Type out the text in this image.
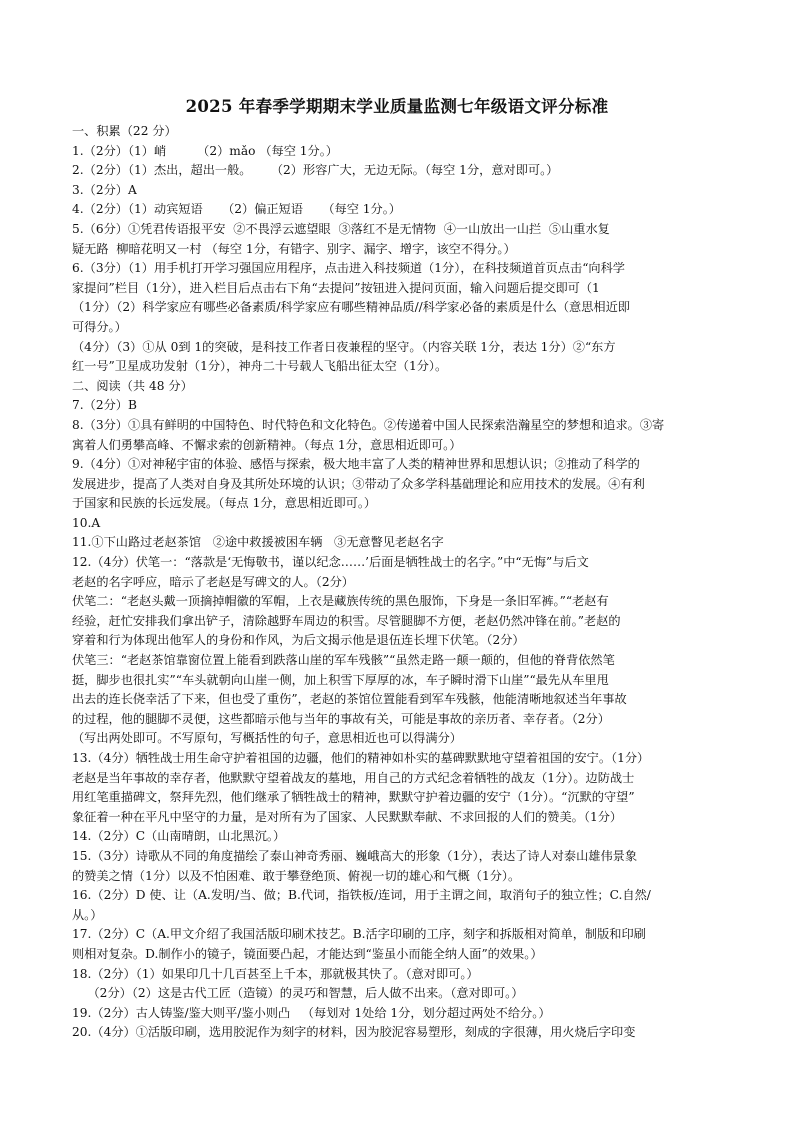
2025 年春季学期期末学业质量监测七年级语文评分标准
一、积累（22 分）
1.（2分）（1）峭        （2）mǎo （每空 1分。）
2.（2分）（1）杰出，超出一般。     （2）形容广大，无边无际。（每空 1分，意对即可。）
3.（2分）A
4.（2分）（1）动宾短语     （2）偏正短语     （每空 1分。）
5.（6分）①凭君传语报平安  ②不畏浮云遮望眼  ③落红不是无情物  ④一山放出一山拦  ⑤山重水复
疑无路  柳暗花明又一村 （每空 1分，有错字、别字、漏字、增字，该空不得分。）
6.（3分）（1）用手机打开学习强国应用程序，点击进入科技频道（1分），在科技频道首页点击“向科学
家提问”栏目（1分），进入栏目后点击右下角“去提问”按钮进入提问页面，输入问题后提交即可（1
（1分）（2）科学家应有哪些必备素质/科学家应有哪些精神品质//科学家必备的素质是什么（意思相近即
可得分。）
（4分）（3）①从 0到 1的突破，是科技工作者日夜兼程的坚守。（内容关联 1分，表达 1分）②“东方
红一号”卫星成功发射（1分），神舟二十号载人飞船出征太空（1分）。
二、阅读（共 48 分）
7.（2分）B
8.（3分）①具有鲜明的中国特色、时代特色和文化特色。②传递着中国人民探索浩瀚星空的梦想和追求。③寄
寓着人们勇攀高峰、不懈求索的创新精神。（每点 1分，意思相近即可。）
9.（4分）①对神秘宇宙的体验、感悟与探索，极大地丰富了人类的精神世界和思想认识；②推动了科学的
发展进步，提高了人类对自身及其所处环境的认识；③带动了众多学科基础理论和应用技术的发展。④有利
于国家和民族的长远发展。（每点 1分，意思相近即可。）
10.A
11.①下山路过老赵茶馆   ②途中救援被困车辆   ③无意瞥见老赵名字
12.（4分）伏笔一：“落款是‘无悔敬书，谨以纪念……’后面是牺牲战士的名字。”中“无悔”与后文
老赵的名字呼应，暗示了老赵是写碑文的人。（2分）
伏笔二：“老赵头戴一顶摘掉帽徽的军帽，上衣是藏族传统的黑色服饰，下身是一条旧军裤。”“老赵有
经验，赶忙安排我们拿出铲子，清除越野车周边的积雪。尽管腿脚不方便，老赵仍然冲锋在前。”老赵的
穿着和行为体现出他军人的身份和作风，为后文揭示他是退伍连长埋下伏笔。（2分）
伏笔三：“老赵茶馆靠窗位置上能看到跌落山崖的军车残骸”“虽然走路一颠一颠的，但他的脊背依然笔
挺，脚步也很扎实”“车头就朝向山崖一侧，加上积雪下厚厚的冰，车子瞬时滑下山崖”“最先从车里甩
出去的连长侥幸活了下来，但也受了重伤”，老赵的茶馆位置能看到军车残骸，他能清晰地叙述当年事故
的过程，他的腿脚不灵便，这些都暗示他与当年的事故有关，可能是事故的亲历者、幸存者。（2分）
（写出两处即可。不写原句，写概括性的句子，意思相近也可以得满分）
13.（4分）牺牲战士用生命守护着祖国的边疆，他们的精神如朴实的墓碑默默地守望着祖国的安宁。（1分）
老赵是当年事故的幸存者，他默默守望着战友的墓地，用自己的方式纪念着牺牲的战友（1分）。边防战士
用红笔重描碑文，祭拜先烈，他们继承了牺牲战士的精神，默默守护着边疆的安宁（1分）。“沉默的守望”
象征着一种在平凡中坚守的力量，是对所有为了国家、人民默默奉献、不求回报的人们的赞美。（1分）
14.（2分）C（山南晴朗，山北黑沉。）
15.（3分）诗歌从不同的角度描绘了泰山神奇秀丽、巍峨高大的形象（1分），表达了诗人对泰山雄伟景象
的赞美之情（1分）以及不怕困难、敢于攀登绝顶、俯视一切的雄心和气概（1分）。
16.（2分）D 使、让（A.发明/当、做；B.代词，指铁板/连词，用于主谓之间，取消句子的独立性；C.自然/
从。）
17.（2分）C（A.甲文介绍了我国活版印刷术技艺。B.活字印刷的工序，刻字和拆版相对简单，制版和印刷
则相对复杂。D.制作小的镜子，镜面要凸起，才能达到“鉴虽小而能全纳人面”的效果。）
18.（2分）（1）如果印几十几百甚至上千本，那就极其快了。（意对即可。）
（2分）（2）这是古代工匠（造镜）的灵巧和智慧，后人做不出来。（意对即可。）
19.（2分）古人铸鉴/鉴大则平/鉴小则凸   （每划对 1处给 1分，划分超过两处不给分。）
20.（4分）①活版印刷，选用胶泥作为刻字的材料，因为胶泥容易塑形，刻成的字很薄，用火烧后字印变
